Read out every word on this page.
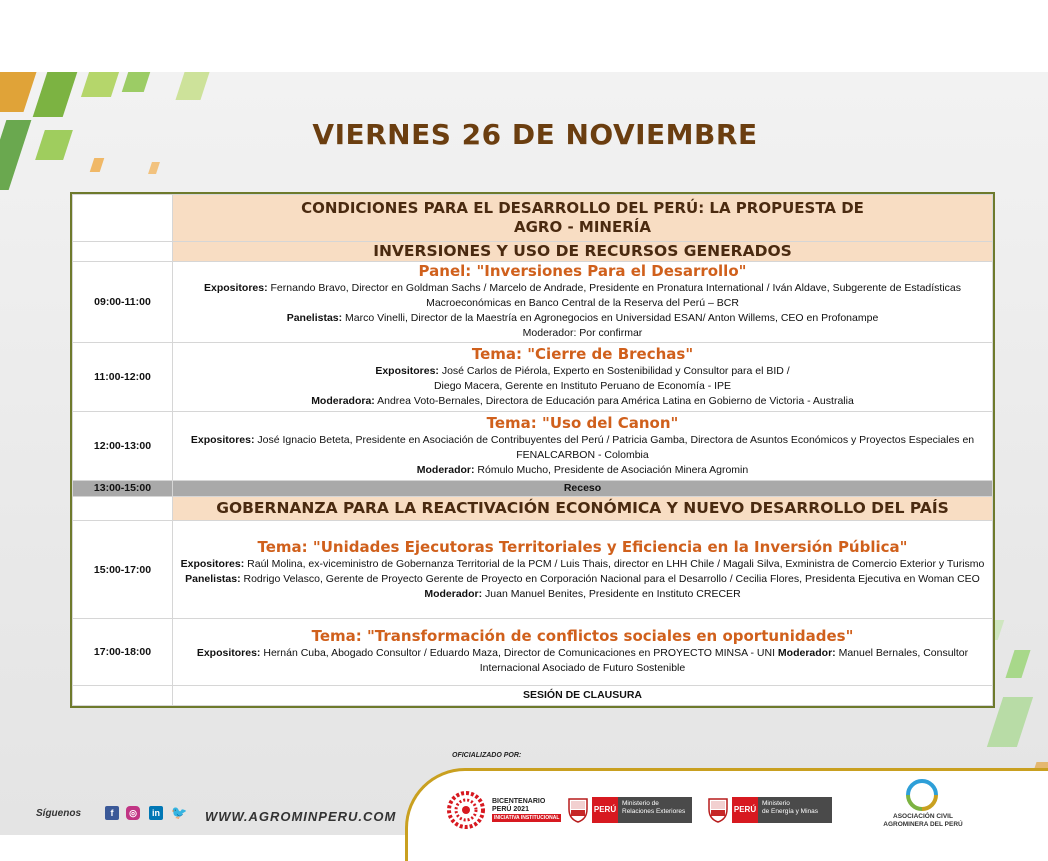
VIERNES 26 DE NOVIEMBRE

	CONDICIONES PARA EL DESARROLLO DEL PERÚ: LA PROPUESTA DE
AGRO - MINERÍA

	INVERSIONES Y USO DE RECURSOS GENERADOS

09:00-11:00	Panel: "Inversiones Para el Desarrollo"
Expositores: Fernando Bravo, Director en Goldman Sachs / Marcelo de Andrade, Presidente en Pronatura International / Iván Aldave, Subgerente de Estadísticas Macroeconómicas en Banco Central de la Reserva del Perú – BCR
Panelistas: Marco Vinelli, Director de la Maestría en Agronegocios en Universidad ESAN/ Anton Willems, CEO en Profonampe
Moderador: Por confirmar

11:00-12:00	Tema: "Cierre de Brechas"
Expositores: José Carlos de Piérola, Experto en Sostenibilidad y Consultor para el BID /
Diego Macera, Gerente en Instituto Peruano de Economía - IPE
Moderadora: Andrea Voto-Bernales, Directora de Educación para América Latina en Gobierno de Victoria - Australia

12:00-13:00	Tema: "Uso del Canon"
Expositores: José Ignacio Beteta, Presidente en Asociación de Contribuyentes del Perú / Patricia Gamba, Directora de Asuntos Económicos y Proyectos Especiales en FENALCARBON - Colombia
Moderador: Rómulo Mucho, Presidente de Asociación Minera Agromin

13:00-15:00	Receso

	GOBERNANZA PARA LA REACTIVACIÓN ECONÓMICA Y NUEVO DESARROLLO DEL PAÍS

15:00-17:00	Tema: "Unidades Ejecutoras Territoriales y Eficiencia en la Inversión Pública"
Expositores: Raúl Molina, ex-viceministro de Gobernanza Territorial de la PCM / Luis Thais, director en LHH Chile / Magali Silva, Exministra de Comercio Exterior y Turismo
Panelistas: Rodrigo Velasco, Gerente de Proyecto Gerente de Proyecto en Corporación Nacional para el Desarrollo / Cecilia Flores, Presidenta Ejecutiva en Woman CEO
Moderador: Juan Manuel Benites, Presidente en Instituto CRECER

17:00-18:00	Tema: "Transformación de conflictos sociales en oportunidades"
Expositores: Hernán Cuba, Abogado Consultor / Eduardo Maza, Director de Comunicaciones en PROYECTO MINSA - UNI Moderador: Manuel Bernales, Consultor Internacional Asociado de Futuro Sostenible

	SESIÓN DE CLAUSURA
OFICIALIZADO POR:
Síguenos	f	◎	in 🐦 WWW.AGROMINPERU.COM
BICENTENARIO
PERÚ 2021
INICIATIVA INSTITUCIONAL
PERÚ
Ministerio de
Relaciones Exteriores	PERÚ
Ministerio
de Energía y Minas
ASOCIACIÓN CIVIL
AGROMINERA DEL PERÚ
